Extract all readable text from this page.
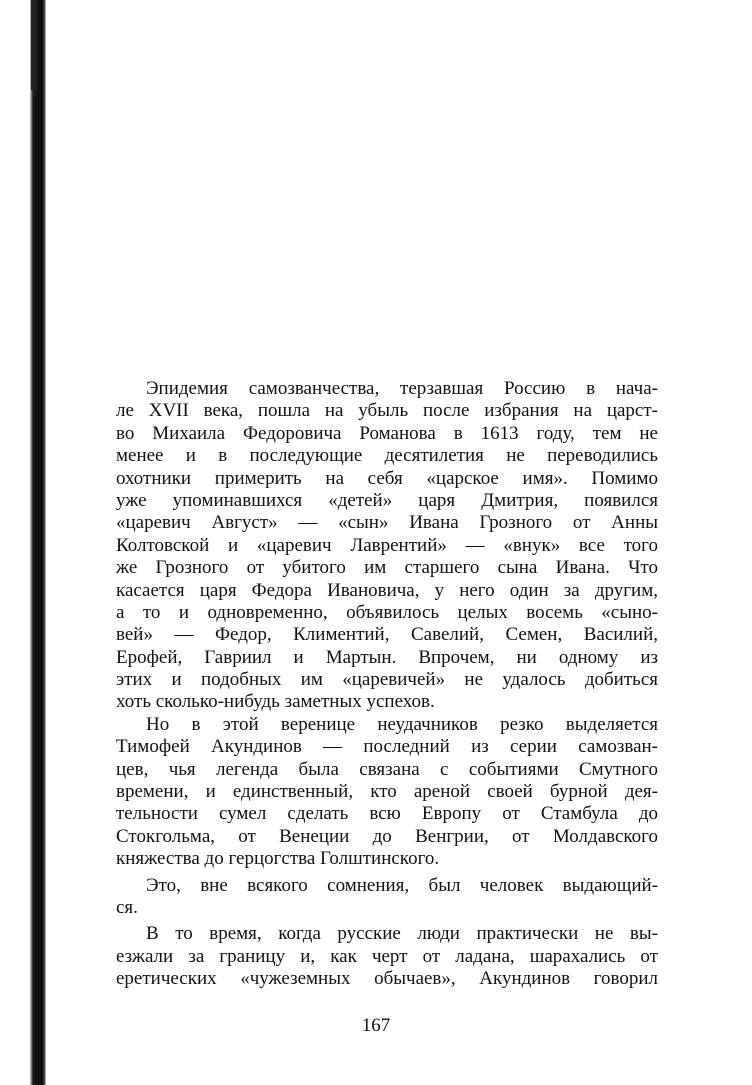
Эпидемия самозванчества, терзавшая Россию в нача-
ле XVII века, пошла на убыль после избрания на царст-
во Михаила Федоровича Романова в 1613 году, тем не
менее и в последующие десятилетия не переводились
охотники примерить на себя «царское имя». Помимо
уже упоминавшихся «детей» царя Дмитрия, появился
«царевич Август» — «сын» Ивана Грозного от Анны
Колтовской и «царевич Лаврентий» — «внук» все того
же Грозного от убитого им старшего сына Ивана. Что
касается царя Федора Ивановича, у него один за другим,
а то и одновременно, объявилось целых восемь «сыно-
вей» — Федор, Климентий, Савелий, Семен, Василий,
Ерофей, Гавриил и Мартын. Впрочем, ни одному из
этих и подобных им «царевичей» не удалось добиться
хоть сколько-нибудь заметных успехов.
Но в этой веренице неудачников резко выделяется
Тимофей Акундинов — последний из серии самозван-
цев, чья легенда была связана с событиями Смутного
времени, и единственный, кто ареной своей бурной дея-
тельности сумел сделать всю Европу от Стамбула до
Стокгольма, от Венеции до Венгрии, от Молдавского
княжества до герцогства Голштинского.
Это, вне всякого сомнения, был человек выдающий-
ся.
В то время, когда русские люди практически не вы-
езжали за границу и, как черт от ладана, шарахались от
еретических «чужеземных обычаев», Акундинов говорил
167
